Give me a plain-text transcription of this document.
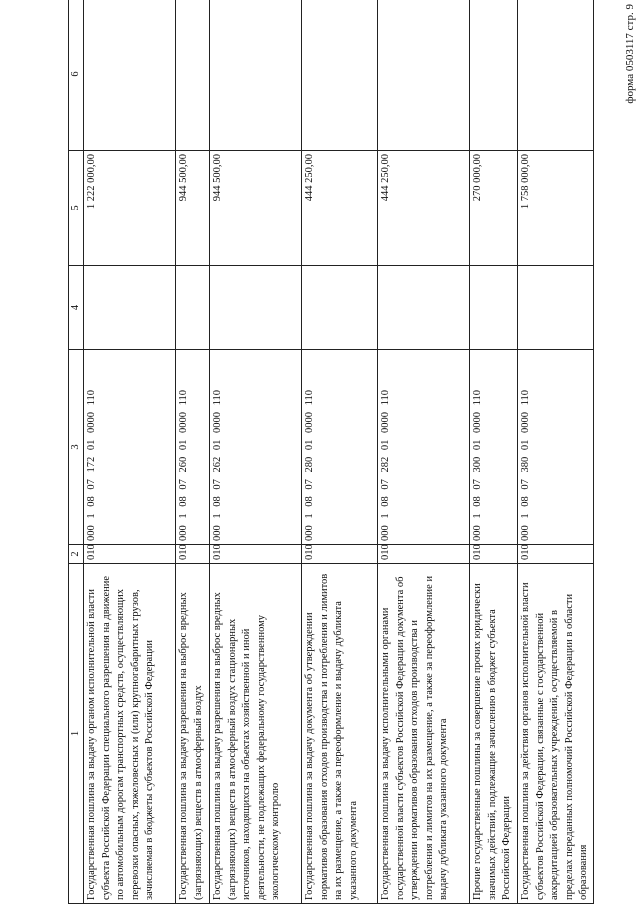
форма 0503117 стр. 9
1	2	3	4	5	6
Государственная пошлина за выдачу органом исполнительной власти субъекта Российской Федерации специального разрешения на движение по автомобильным дорогам транспортных средств, осуществляющих перевозки опасных, тяжеловесных и (или) крупногабаритных грузов, зачисляемая в бюджеты субъектов Российской Федерации	010	000 1 08 07 172 01 0000 110		1 222 000,00	
Государственная пошлина за выдачу разрешения на выброс вредных (загрязняющих) веществ в атмосферный воздух	010	000 1 08 07 260 01 0000 110		944 500,00	
Государственная пошлина за выдачу разрешения на выброс вредных (загрязняющих) веществ в атмосферный воздух стационарных источников, находящихся на объектах хозяйственной и иной деятельности, не подлежащих федеральному государственному экологическому контролю	010	000 1 08 07 262 01 0000 110		944 500,00	
Государственная пошлина за выдачу документа об утверждении нормативов образования отходов производства и потребления и лимитов на их размещение, а также за переоформление и выдачу дубликата указанного документа	010	000 1 08 07 280 01 0000 110		444 250,00	
Государственная пошлина за выдачу исполнительными органами государственной власти субъектов Российской Федерации документа об утверждении нормативов образования отходов производства и потребления и лимитов на их размещение, а также за переоформление и выдачу дубликата указанного документа	010	000 1 08 07 282 01 0000 110		444 250,00	
Прочие государственные пошлины за совершение прочих юридически значимых действий, подлежащие зачислению в бюджет субъекта Российской Федерации	010	000 1 08 07 300 01 0000 110		270 000,00	
Государственная пошлина за действия органов исполнительной власти субъектов Российской Федерации, связанные с государственной аккредитацией образовательных учреждений, осуществляемой в пределах переданных полномочий Российской Федерации в области образования	010	000 1 08 07 380 01 0000 110		1 758 000,00	
